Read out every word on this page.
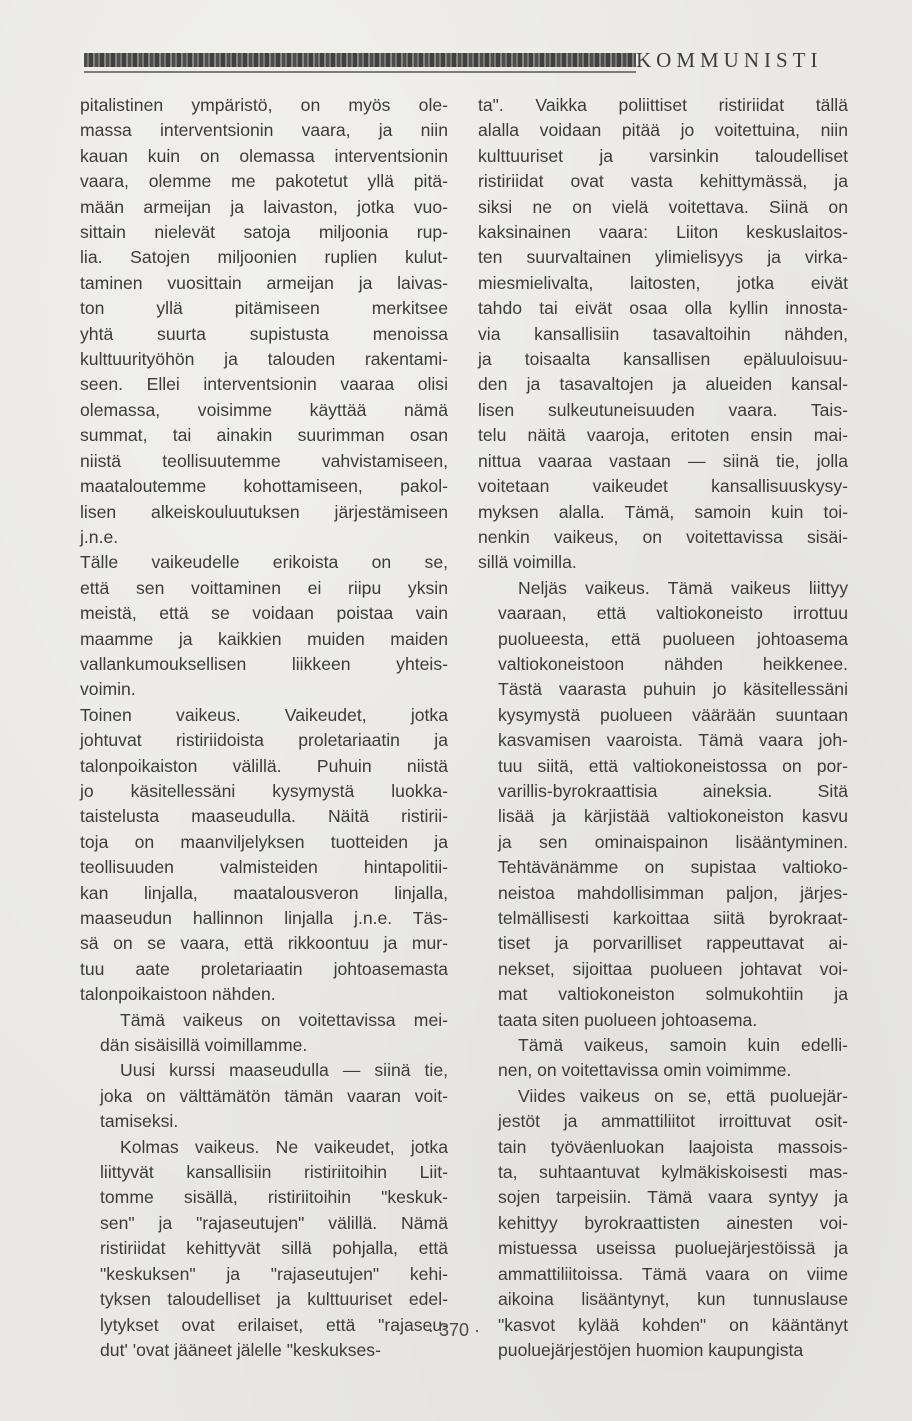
KOMMUNISTI

pitalistinen ympäristö, on myös ole-
massa interventsionin vaara, ja niin
kauan kuin on olemassa interventsionin
vaara, olemme me pakotetut yllä pitä-
mään armeijan ja laivaston, jotka vuo-
sittain nielevät satoja miljoonia rup-
lia. Satojen miljoonien ruplien kulut-
taminen vuosittain armeijan ja laivas-
ton yllä pitämiseen merkitsee
yhtä suurta supistusta menoissa
kulttuurityöhön ja talouden rakentami-
seen. Ellei interventsionin vaaraa olisi
olemassa, voisimme käyttää nämä
summat, tai ainakin suurimman osan
niistä teollisuutemme vahvistamiseen,
maataloutemme kohottamiseen, pakol-
lisen alkeiskouluutuksen järjestämiseen
j.n.e.

Tälle vaikeudelle erikoista on se,
että sen voittaminen ei riipu yksin
meistä, että se voidaan poistaa vain
maamme ja kaikkien muiden maiden
vallankumouksellisen liikkeen yhteis-
voimin.

Toinen vaikeus. Vaikeudet, jotka
johtuvat ristiriidoista proletariaatin ja
talonpoikaiston välillä. Puhuin niistä
jo käsitellessäni kysymystä luokka-
taistelusta maaseudulla. Näitä ristirii-
toja on maanviljelyksen tuotteiden ja
teollisuuden valmisteiden hintapolitii-
kan linjalla, maatalousveron linjalla,
maaseudun hallinnon linjalla j.n.e. Täs-
sä on se vaara, että rikkoontuu ja mur-
tuu aate proletariaatin johtoasemasta
talonpoikaistoon nähden.

Tämä vaikeus on voitettavissa mei-
dän sisäisillä voimillamme.

Uusi kurssi maaseudulla — siinä tie,
joka on välttämätön tämän vaaran voit-
tamiseksi.

Kolmas vaikeus. Ne vaikeudet, jotka
liittyvät kansallisiin ristiriitoihin Liit-
tomme sisällä, ristiriitoihin "keskuk-
sen" ja "rajaseutujen" välillä. Nämä
ristiriidat kehittyvät sillä pohjalla, että
"keskuksen" ja "rajaseutujen" kehi-
tyksen taloudelliset ja kulttuuriset edel-
lytykset ovat erilaiset, että "rajaseu-
dut' 'ovat jääneet jälelle "keskukses-

ta". Vaikka poliittiset ristiriidat tällä
alalla voidaan pitää jo voitettuina, niin
kulttuuriset ja varsinkin taloudelliset
ristiriidat ovat vasta kehittymässä, ja
siksi ne on vielä voitettava. Siinä on
kaksinainen vaara: Liiton keskuslaitos-
ten suurvaltainen ylimielisyys ja virka-
miesmielivalta, laitosten, jotka eivät
tahdo tai eivät osaa olla kyllin innosta-
via kansallisiin tasavaltoihin nähden,
ja toisaalta kansallisen epäluuloisuu-
den ja tasavaltojen ja alueiden kansal-
lisen sulkeutuneisuuden vaara. Tais-
telu näitä vaaroja, eritoten ensin mai-
nittua vaaraa vastaan — siinä tie, jolla
voitetaan vaikeudet kansallisuuskysy-
myksen alalla. Tämä, samoin kuin toi-
nenkin vaikeus, on voitettavissa sisäi-
sillä voimilla.

Neljäs vaikeus. Tämä vaikeus liittyy
vaaraan, että valtiokoneisto irrottuu
puolueesta, että puolueen johtoasema
valtiokoneistoon nähden heikkenee.
Tästä vaarasta puhuin jo käsitellessäni
kysymystä puolueen väärään suuntaan
kasvamisen vaaroista. Tämä vaara joh-
tuu siitä, että valtiokoneistossa on por-
varillis-byrokraattisia aineksia. Sitä
lisää ja kärjistää valtiokoneiston kasvu
ja sen ominaispainon lisääntyminen.
Tehtävänämme on supistaa valtioko-
neistoa mahdollisimman paljon, järjes-
telmällisesti karkoittaa siitä byrokraat-
tiset ja porvarilliset rappeuttavat ai-
nekset, sijoittaa puolueen johtavat voi-
mat valtiokoneiston solmukohtiin ja
taata siten puolueen johtoasema.

Tämä vaikeus, samoin kuin edelli-
nen, on voitettavissa omin voimimme.

Viides vaikeus on se, että puoluejär-
jestöt ja ammattiliitot irroittuvat osit-
tain työväenluokan laajoista massois-
ta, suhtaantuvat kylmäkiskoisesti mas-
sojen tarpeisiin. Tämä vaara syntyy ja
kehittyy byrokraattisten ainesten voi-
mistuessa useissa puoluejärjestöissä ja
ammattiliitoissa. Tämä vaara on viime
aikoina lisääntynyt, kun tunnuslause
"kasvot kylää kohden" on kääntänyt
puoluejärjestöjen huomion kaupungista

· 370 ·
